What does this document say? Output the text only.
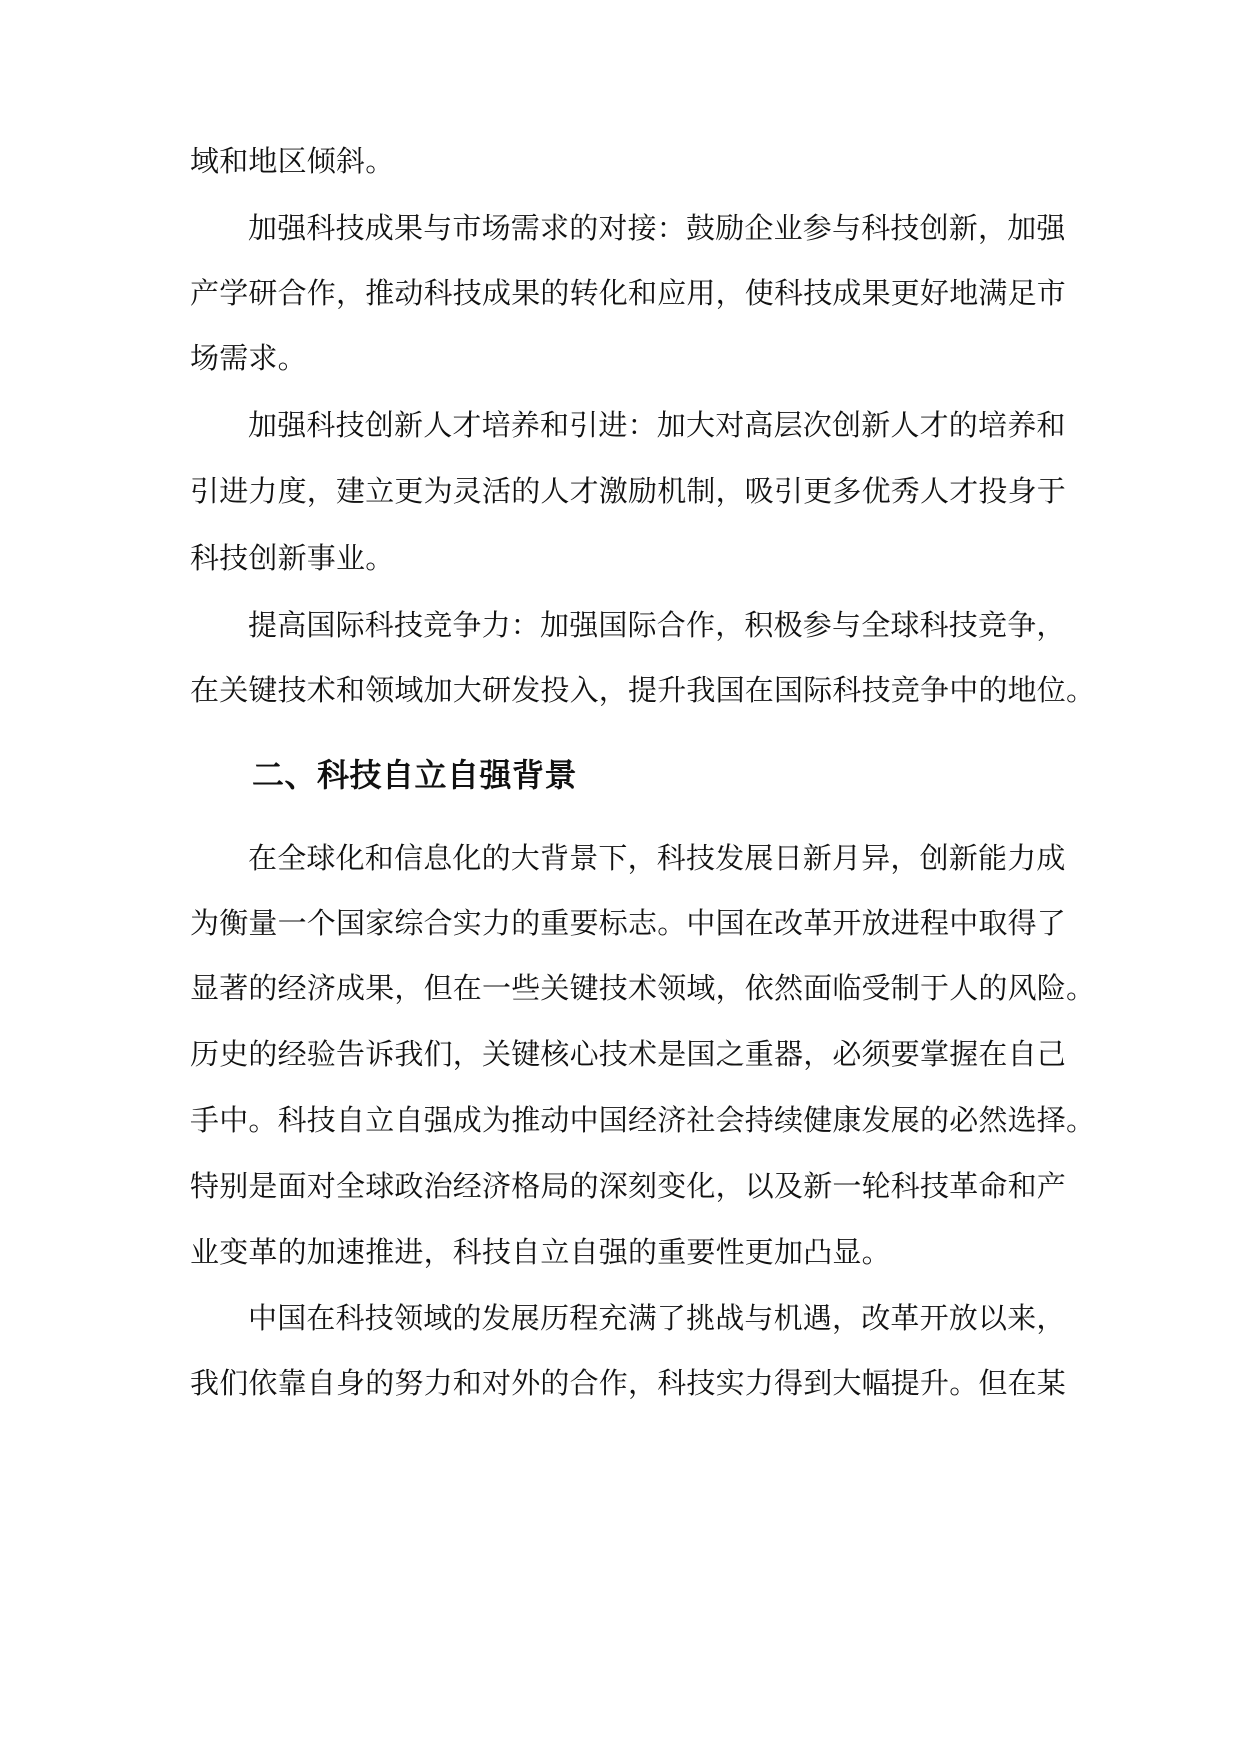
域和地区倾斜。
加强科技成果与市场需求的对接：鼓励企业参与科技创新，加强
产学研合作，推动科技成果的转化和应用，使科技成果更好地满足市
场需求。
加强科技创新人才培养和引进：加大对高层次创新人才的培养和
引进力度，建立更为灵活的人才激励机制，吸引更多优秀人才投身于
科技创新事业。
提高国际科技竞争力：加强国际合作，积极参与全球科技竞争，
在关键技术和领域加大研发投入，提升我国在国际科技竞争中的地位。
二、科技自立自强背景
在全球化和信息化的大背景下，科技发展日新月异，创新能力成
为衡量一个国家综合实力的重要标志。中国在改革开放进程中取得了
显著的经济成果，但在一些关键技术领域，依然面临受制于人的风险。
历史的经验告诉我们，关键核心技术是国之重器，必须要掌握在自己
手中。科技自立自强成为推动中国经济社会持续健康发展的必然选择。
特别是面对全球政治经济格局的深刻变化，以及新一轮科技革命和产
业变革的加速推进，科技自立自强的重要性更加凸显。
中国在科技领域的发展历程充满了挑战与机遇，改革开放以来，
我们依靠自身的努力和对外的合作，科技实力得到大幅提升。但在某
